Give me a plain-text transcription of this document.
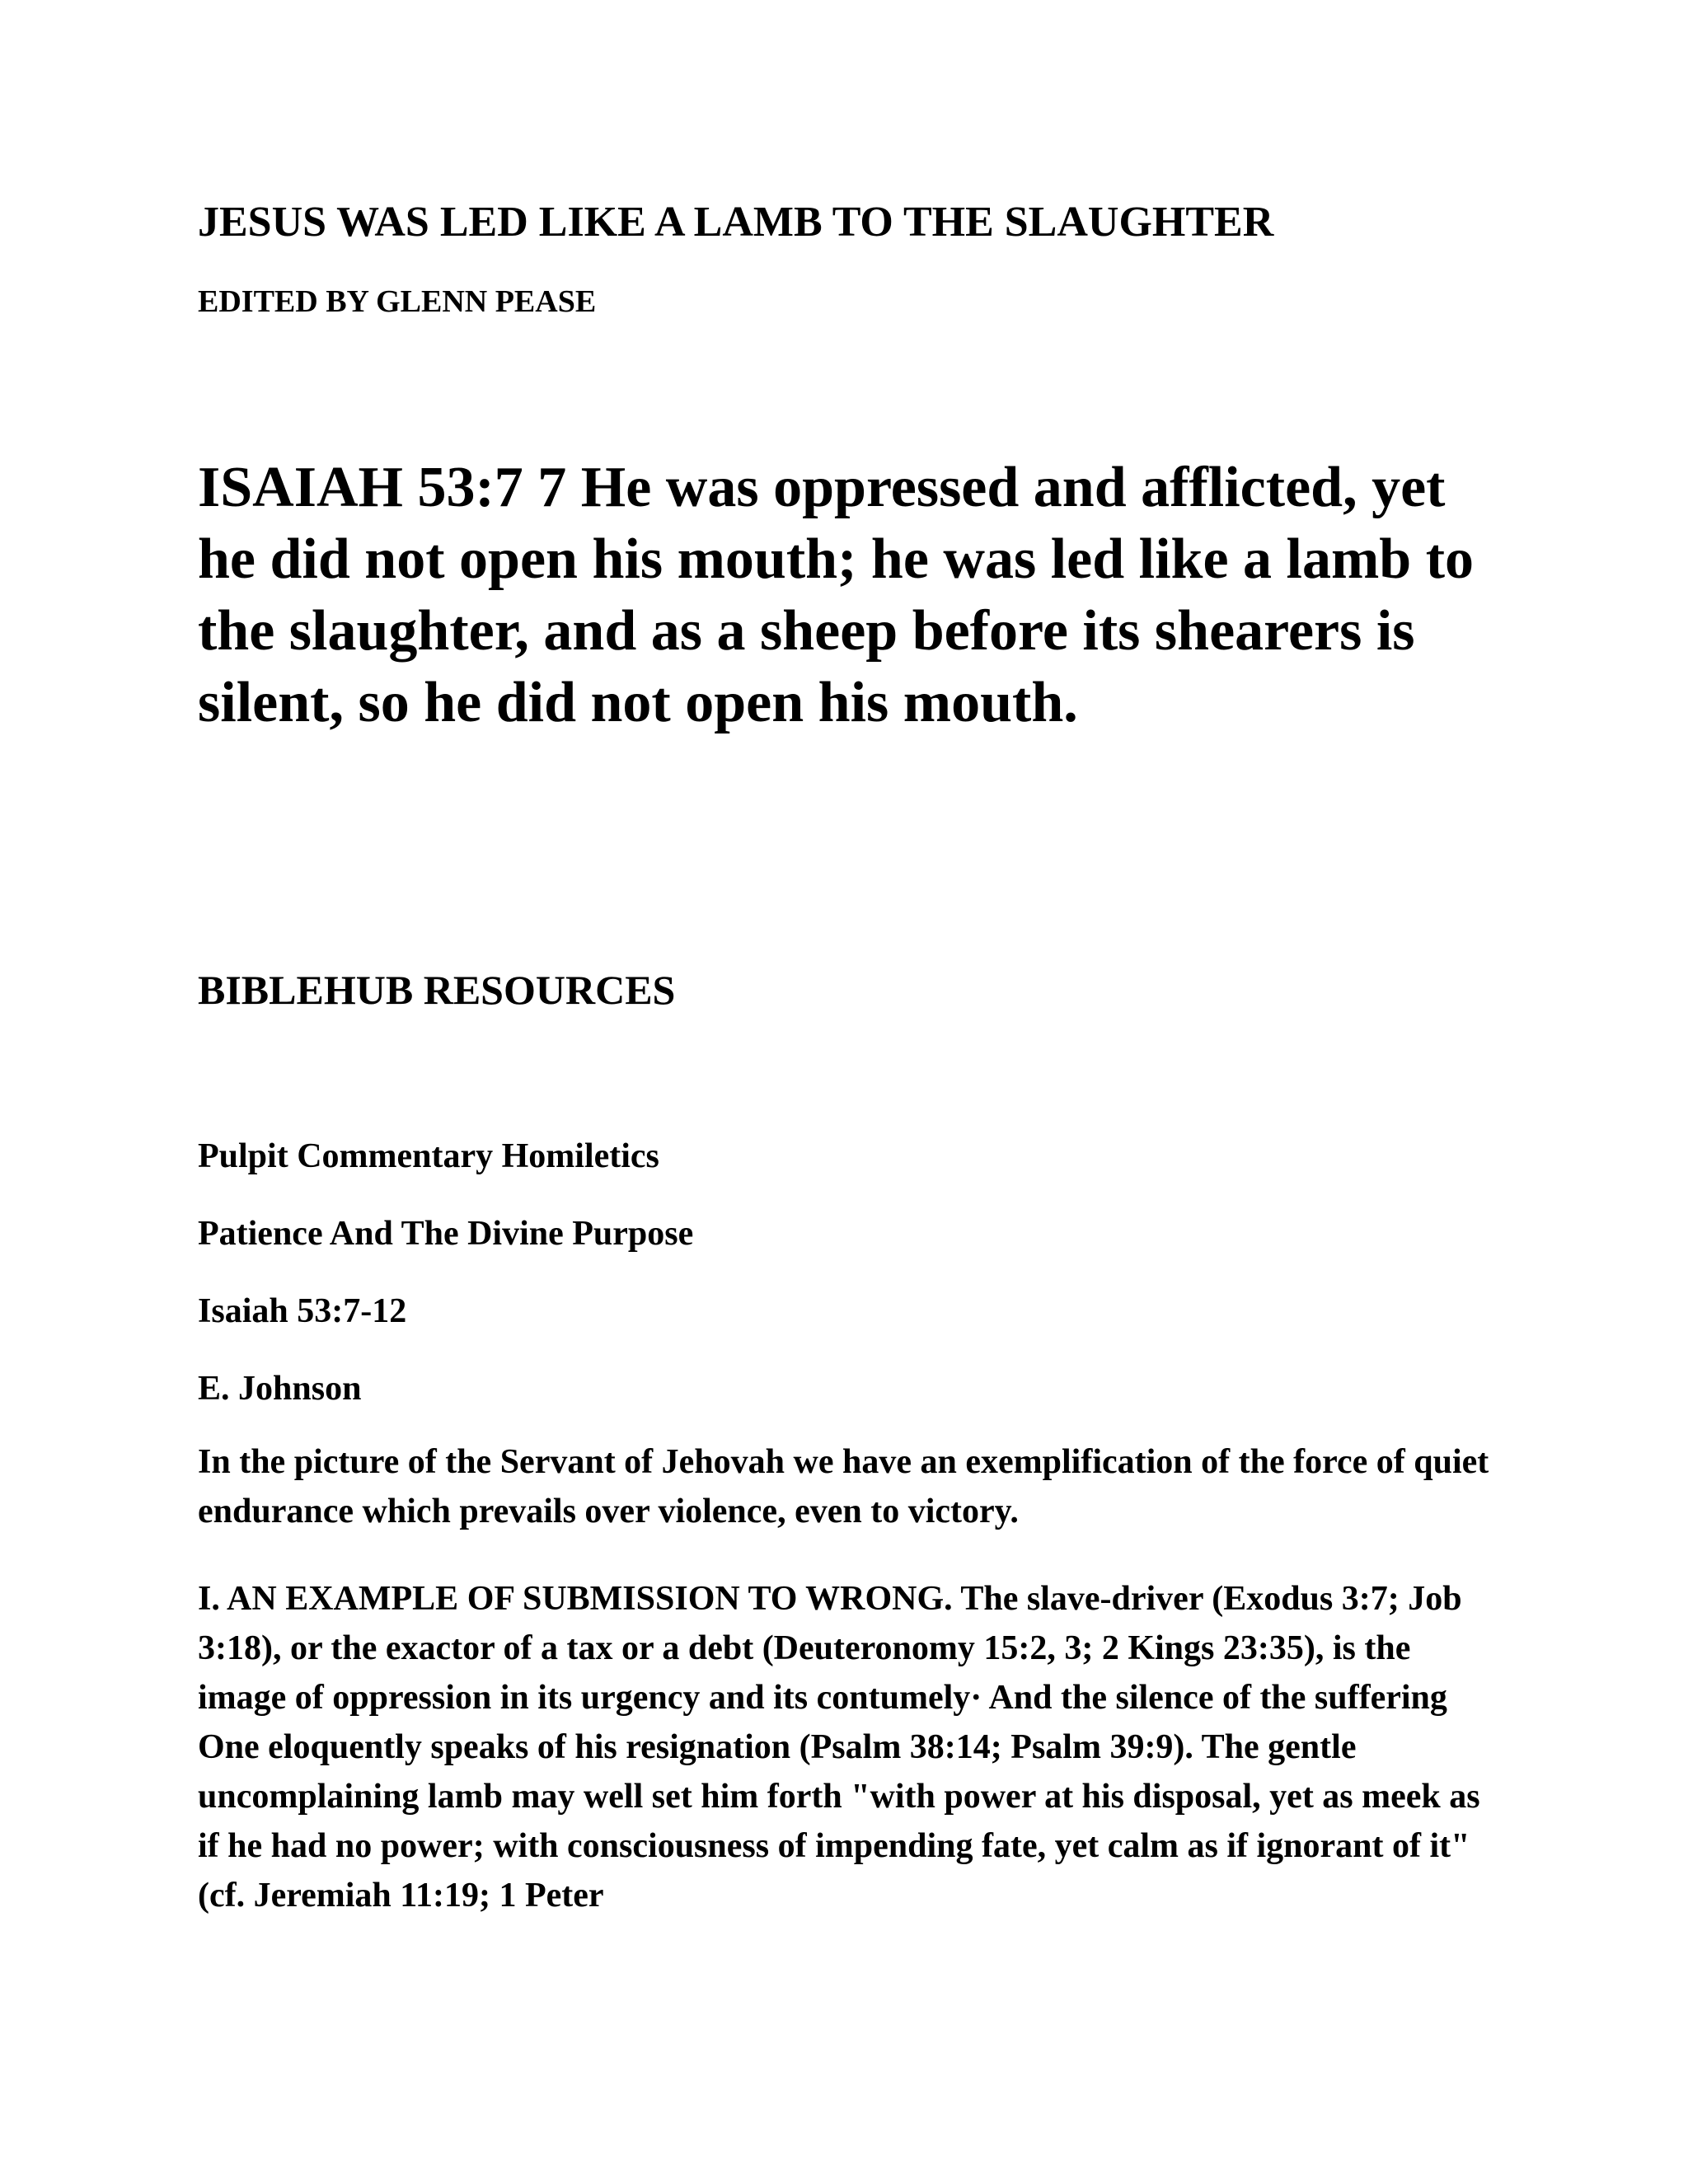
JESUS WAS LED LIKE A LAMB TO THE SLAUGHTER
EDITED BY GLENN PEASE
ISAIAH 53:7 7 He was oppressed and afflicted, yet he did not open his mouth; he was led like a lamb to the slaughter, and as a sheep before its shearers is silent, so he did not open his mouth.
BIBLEHUB RESOURCES
Pulpit Commentary Homiletics
Patience And The Divine Purpose
Isaiah 53:7-12
E. Johnson
In the picture of the Servant of Jehovah we have an exemplification of the force of quiet endurance which prevails over violence, even to victory.
I. AN EXAMPLE OF SUBMISSION TO WRONG. The slave-driver (Exodus 3:7; Job 3:18), or the exactor of a tax or a debt (Deuteronomy 15:2, 3; 2 Kings 23:35), is the image of oppression in its urgency and its contumely· And the silence of the suffering One eloquently speaks of his resignation (Psalm 38:14; Psalm 39:9). The gentle uncomplaining lamb may well set him forth "with power at his disposal, yet as meek as if he had no power; with consciousness of impending fate, yet calm as if ignorant of it" (cf. Jeremiah 11:19; 1 Peter
